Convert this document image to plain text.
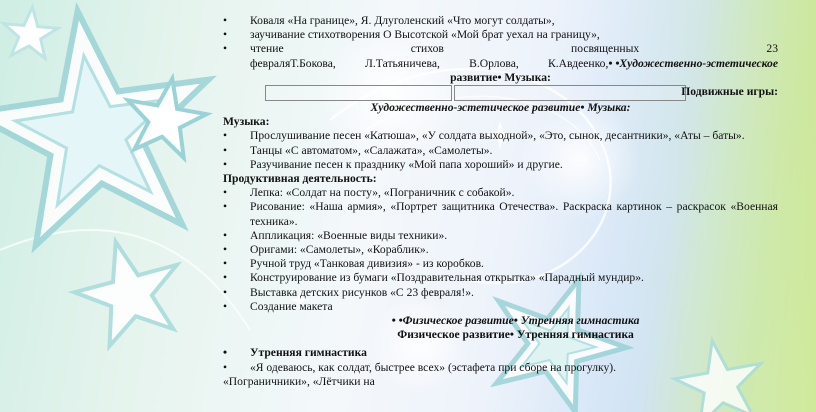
• Коваля «На границе», Я. Длуголенский «Что могут солдаты»,
• заучивание стихотворения О Высотской «Мой брат уехал на границу»,
• чтение	стихов	посвященных	23
февраляТ.Бокова,	Л.Татьяничева,	В.Орлова,	К.Авдеенко,• •Художественно-эстетическое
развитие• Музыка:
Подвижные игры:
Художественно-эстетическое развитие• Музыка:
Музыка:
• Прослушивание песен «Катюша», «У солдата выходной», «Это, сынок, десантники», «Аты – баты».
• Танцы «С автоматом», «Салажата», «Самолеты».
• Разучивание песен к празднику «Мой папа хороший» и другие.
Продуктивная деятельность:
• Лепка: «Солдат на посту», «Пограничник с собакой».
• Рисование: «Наша армия», «Портрет защитника Отечества». Раскраска картинок – раскрасок «Военная техника».
• Аппликация: «Военные виды техники».
• Оригами: «Самолеты», «Кораблик».
• Ручной труд «Танковая дивизия» - из коробков.
• Конструирование из бумаги «Поздравительная открытка» «Парадный мундир».
• Выставка детских рисунков «С 23 февраля!».
• Создание макета
• •Физическое развитие• Утренняя гимнастика
Физическое развитие• Утренняя гимнастика
• Утренняя гимнастика
• «Я одеваюсь, как солдат, быстрее всех» (эстафета при сборе на прогулку).
«Пограничники», «Лётчики на
